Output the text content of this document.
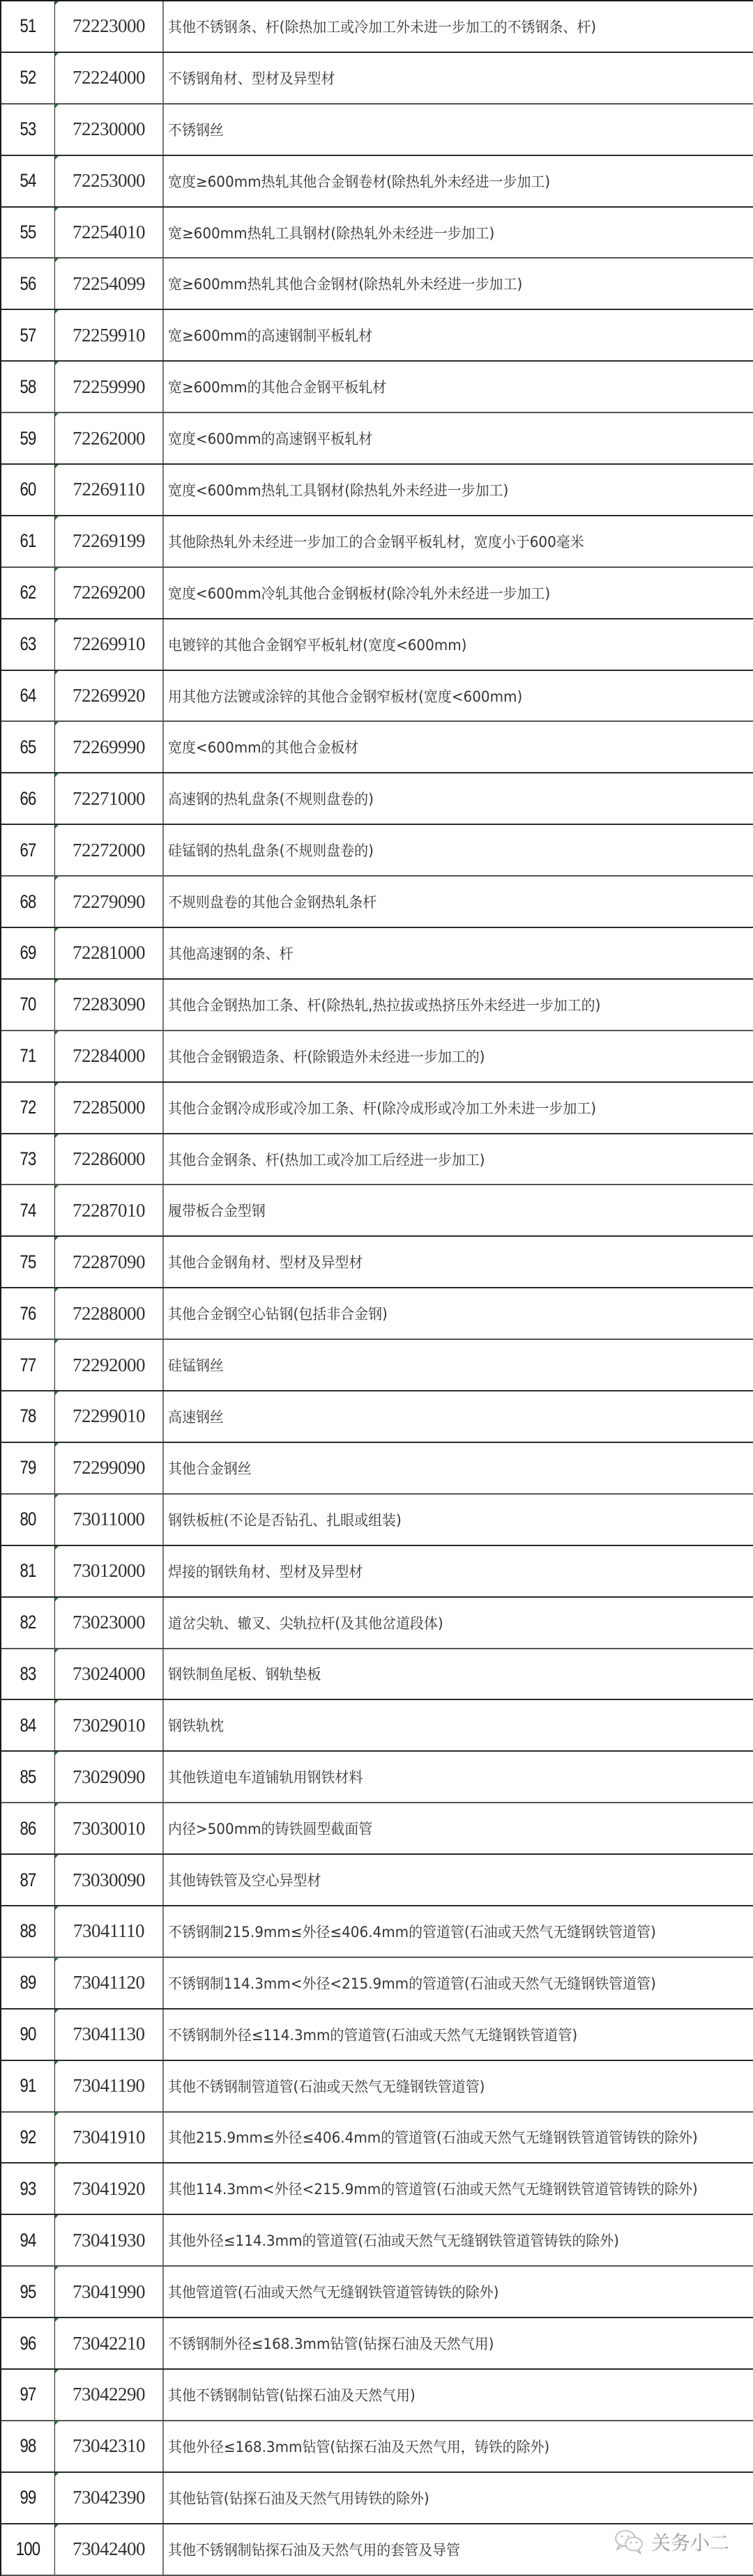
51	72223000 其他不锈钢条、杆(除热加工或冷加工外未进一步加工的不锈钢条、杆)
52	72224000 不锈钢角材、型材及异型材
53	72230000 不锈钢丝
54	72253000 宽度≥600mm热轧其他合金钢卷材(除热轧外未经进一步加工)
55	72254010 宽≥600mm热轧工具钢材(除热轧外未经进一步加工)
56	72254099 宽≥600mm热轧其他合金钢材(除热轧外未经进一步加工)
57	72259910 宽≥600mm的高速钢制平板轧材
58	72259990 宽≥600mm的其他合金钢平板轧材
59	72262000 宽度<600mm的高速钢平板轧材
60	72269110 宽度<600mm热轧工具钢材(除热轧外未经进一步加工)
61	72269199 其他除热轧外未经进一步加工的合金钢平板轧材，宽度小于600毫米
62	72269200 宽度<600mm冷轧其他合金钢板材(除冷轧外未经进一步加工)
63	72269910 电镀锌的其他合金钢窄平板轧材(宽度<600mm)
64	72269920 用其他方法镀或涂锌的其他合金钢窄板材(宽度<600mm)
65	72269990 宽度<600mm的其他合金板材
66	72271000 高速钢的热轧盘条(不规则盘卷的)
67	72272000 硅锰钢的热轧盘条(不规则盘卷的)
68	72279090 不规则盘卷的其他合金钢热轧条杆
69	72281000 其他高速钢的条、杆
70	72283090 其他合金钢热加工条、杆(除热轧,热拉拔或热挤压外未经进一步加工的)
71	72284000 其他合金钢锻造条、杆(除锻造外未经进一步加工的)
72	72285000 其他合金钢冷成形或冷加工条、杆(除冷成形或冷加工外未进一步加工)
73	72286000 其他合金钢条、杆(热加工或冷加工后经进一步加工)
74	72287010 履带板合金型钢
75	72287090 其他合金钢角材、型材及异型材
76	72288000 其他合金钢空心钻钢(包括非合金钢)
77	72292000 硅锰钢丝
78	72299010 高速钢丝
79	72299090 其他合金钢丝
80	73011000 钢铁板桩(不论是否钻孔、扎眼或组装)
81	73012000 焊接的钢铁角材、型材及异型材
82	73023000 道岔尖轨、辙叉、尖轨拉杆(及其他岔道段体)
83	73024000 钢铁制鱼尾板、钢轨垫板
84	73029010 钢铁轨枕
85	73029090 其他铁道电车道铺轨用钢铁材料
86	73030010 内径>500mm的铸铁圆型截面管
87	73030090 其他铸铁管及空心异型材
88	73041110 不锈钢制215.9mm≤外径≤406.4mm的管道管(石油或天然气无缝钢铁管道管)
89	73041120 不锈钢制114.3mm<外径<215.9mm的管道管(石油或天然气无缝钢铁管道管)
90	73041130 不锈钢制外径≤114.3mm的管道管(石油或天然气无缝钢铁管道管)
91	73041190 其他不锈钢制管道管(石油或天然气无缝钢铁管道管)
92	73041910 其他215.9mm≤外径≤406.4mm的管道管(石油或天然气无缝钢铁管道管铸铁的除外)
93	73041920 其他114.3mm<外径<215.9mm的管道管(石油或天然气无缝钢铁管道管铸铁的除外)
94	73041930 其他外径≤114.3mm的管道管(石油或天然气无缝钢铁管道管铸铁的除外)
95	73041990 其他管道管(石油或天然气无缝钢铁管道管铸铁的除外)
96	73042210 不锈钢制外径≤168.3mm钻管(钻探石油及天然气用)
97	73042290 其他不锈钢制钻管(钻探石油及天然气用)
98	73042310 其他外径≤168.3mm钻管(钻探石油及天然气用，铸铁的除外)
99	73042390 其他钻管(钻探石油及天然气用铸铁的除外)
100	73042400 其他不锈钢制钻探石油及天然气用的套管及导管	关务小二
